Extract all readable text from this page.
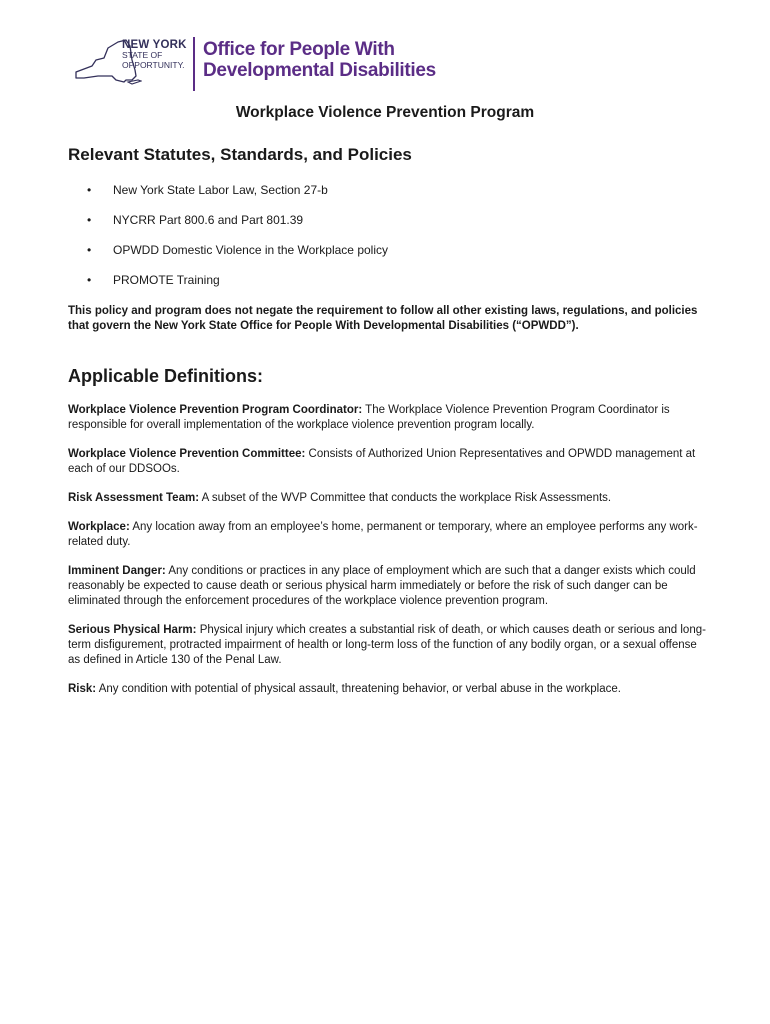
NEW YORK
STATE OF
OPPORTUNITY.
Office for People With
Developmental Disabilities
Workplace Violence Prevention Program
Relevant Statutes, Standards, and Policies
• New York State Labor Law, Section 27-b
• NYCRR Part 800.6 and Part 801.39
• OPWDD Domestic Violence in the Workplace policy
• PROMOTE Training

This policy and program does not negate the requirement to follow all other existing laws, regulations, and policies that govern the New York State Office for People With Developmental Disabilities (“OPWDD”).

Applicable Definitions:

Workplace Violence Prevention Program Coordinator: The Workplace Violence Prevention Program Coordinator is responsible for overall implementation of the workplace violence prevention program locally.

Workplace Violence Prevention Committee: Consists of Authorized Union Representatives and OPWDD management at each of our DDSOOs.

Risk Assessment Team: A subset of the WVP Committee that conducts the workplace Risk Assessments.

Workplace: Any location away from an employee’s home, permanent or temporary, where an employee performs any work-related duty.

Imminent Danger: Any conditions or practices in any place of employment which are such that a danger exists which could reasonably be expected to cause death or serious physical harm immediately or before the risk of such danger can be eliminated through the enforcement procedures of the workplace violence prevention program.

Serious Physical Harm: Physical injury which creates a substantial risk of death, or which causes death or serious and long-term disfigurement, protracted impairment of health or long-term loss of the function of any bodily organ, or a sexual offense as defined in Article 130 of the Penal Law.

Risk: Any condition with potential of physical assault, threatening behavior, or verbal abuse in the workplace.
